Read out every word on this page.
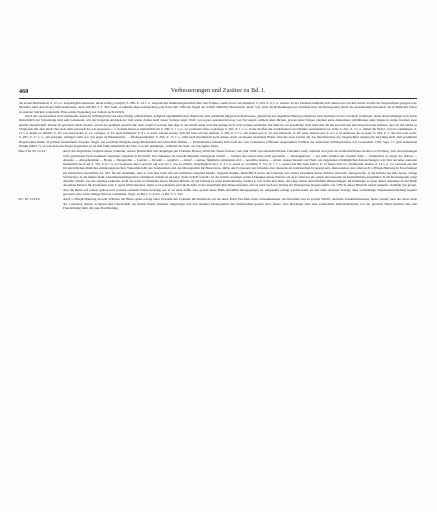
460	Verbesserungen und Zusätze zu Bd. I.

die ersten Buchstaben; Z. 9 v. u.: ursprünglich sanssoms, allein richtig corrigirt; S. 289, Z. 14 v. o.: Angeals mit Abkürzungszeichen über den Schluss, somit etwas verschrieben; S. 294, Z. 6 v. o.: ebenso. In der Urkunde befinden sich unten zwei Löcher, durch welche die Siegelschnur gezogen war. Dieselbe samt dem Siegel fehlt heutzutage, nach dem Bd. I, S. 304, Anm. erwähnten Repertorium hing jedoch im Jahr 1786 ein Siegel der Schrift ähnliches Bruchstück daran. Vgl. auch die Bemerkungen zur Urkunde über die Besiegelung durch die ausstellenden Personen, die in ähnlicher Weise in anderen Stücken vorkommt. Eine solche Siegelung war damals nicht üblich.

Auch der aus derselben Zeit stammende deutsche Stiftungsbrief von einer häufig willkürlichen, lediglich eigenthümlichen, theilweise aber jedenfalls jüngeren Schreibweise, gleichfalls aus ungeübter Hand geschrieben, lässt manches an der Urschrift vermissen. Seine Abweichungen vom Texte hinsichtlich der Schreibung sind sehr bedeutend, wie der folgende Abdruck der drei ersten Zeilen nach dieser Vorlage zeigt: Wolf, von gottes genaden herczog von Norwegen, sebhoft allen fürsten, graven unde fraigen pfaphen unde dienesman, schöltheisen unde bürger in alsme frwahen stete gestrhs choustschaft. Wande do geschorit diech ciodere wie nu der gedingis wirsich sint, man verget ir so haut, nun dige es des durch, unde weis mit gezüge drch swrit warnen termirteis; hie unde da wir gesellicher riebt allen den die hie zuvirrat sint und bezeuch unde bekante, daz wir daz eitzler ut Wingarten mit aller eindt cher laste unde gut nach der wir gegeuerer c. v. Sodann heisst es namentlich bei S. 290, Z. 1 v. u.: zu vremeden leiste vogtsaige; S. 291, Z. 1 v. o.: in der Stoffen die wiederholten zwei Punkte (sobenenden vor ablet; S. 291, Z. 5 v. u. fehlen die Worte: von der sammungo; Z. 15 v. u. heisst es: lütsellt; Z. 20: von ansersseler; Z. 21: veringer; Z. 22: unde mittingen; Z. 9 v. u. nach: schade weisse: Sölt der Sein: ein big sthaben; S. 293, Z. 4 v. o. ein ezteira gut; Z. 16: das bilreseite; Z. 20: unde anderes gut; Z. 4 v. u. ni deunoten dos ze gane; S. 294, Z. 1: daz den weis werit: S. 295, Z. 11 v. o.: ein zubeagn. Allingen steht vor: das eigen zü Bienlanwiler — Hadersputinchen: S. 294, Z. 15 v. o. steht nach Reutholzeh noch Amen. Auch an diesem deutschen Briefe sind die zwei Löcher für das Durchstecken der Siegelschnur angebracht und hing nach dem erwähnten Repertorium früher an grünen Seidenfäden dasselbe Siegel, bei welchem übrigens einige Buchstaben der Umschrift fehlten. — Ebendaselbst befindet sich noch ein vom Constanzer Officialat ausgestelltes Vidimus der deutschen Stiftungsbriefes d.d. Constantiis 1318, Sept. 17. (mit demselben Datum (März 7), an welchem das Siegel abgetrennt ist. In ihm fehlt namentlich der Satz: von der sammungo, während der Sein: wir big sigiste Siegl.

Seite 310, Nr. CCLI.	Auch das ungebliche Original dieser Urkunde, dessen Handschrift mit derjenigen der Urkunde Herzog Wolfs für dieses Kloster vom Jahr 1090 verwandtschaftlichen Charakter zeigt, befindet sich jetzt im erzbischöflichen Archive zu Freiburg. Von Abweichungen vom gedruckten Texte kommen besonders folgende in Betracht: Von Vohannes im benedictinischen verfügende Schrift — Schluss der ersten Zeile nach speciends — Wiesengartens — per rubis Schluss der zweiten Zeile — montperiss et, desgl. der dritten — Aberpfo — Altorphenzhun — Borga — Bergareille — Lanzen — Oswald — sepuliert — Altorf — unique füdelium conditorum citd — notobiliu alienee — Amen. Ausser diesem von Theil, wie angedeutet, hinlänglichen Abweichungen vom Text bei unter anderem namentlich noch auf S. 310, Z. 6 v. u. bei nachweis eine Correctur auf wre das 1, wie es scheint, ursprünglich ein z; Z. 2 v. u. lautet es: sortilleis; S. 311, Z. 7 v. o. steht noch hier kein subter; Z. 12 findet sich vor conditional, ebenso Z. 14 v. o. vor contusta ein den für uns üblichen ähnliches Abkürzungszeichen. Weiterhin fehlt das Sendzeichen und das Monogramm für Benevalete, dürfte das Fortpasseit der Urkunde aber deutsche als italienischen Ursprung sein. Insbesondere aber sind nach v. Pflugk-Harttung in Forschungen zur Deutschen Geschichte 24, 447, für die Annahme, dass es sich hier nicht um ein wirkliches Original handle, folgende Punkte, hinsichtlich deren die Urkunde von echten Urkunden dieses Pabstes abweicht, massgebend: 1) die Initiale bei eine breite, eckige Verzierung; 2) die immer mehr zusammenzudrängenden verlängerte Schrift ist zu kurz; 3) die Schrift weicht von der Schrift sonstiger echter Urkunden dieses Pabstes ab; 4) es steht nur ein Amen und dasselbe ist kanzleimässig ausgeführt; 5) die Rotaumgende zeigt dieselbe Schrift, wie die sonstige Urkunde, nicht die sonst in Urkunden dieses Pabstes übliche; 6) die Faltung ist nicht kanzleimässig: einmal je von rechts und links, das lange Stück dann fünfmal umgeschlagen. Im Einklange ist ganz dieses dasjenige an der Bulle desselben Pabstes für Zwiefalten vom 3. April 1099 und sind, allein es ist jedenfalls jetzt nicht mehr in der ursprünglichen Weise befestigt, und es wird noch der Verzug der Weingartner Repertoriums von 1786 in dieser Hinsicht nichts bemerkt, vielmehr nur gesagt, dass die Bulle auf rothen, gelben und weissen seidenen Fäden befestigt sei, er ist eben daffir, dass gerade diese Bulle daraufhin übergegangen ist, umgekehrt erfragt werden kann, sie nur einer späteren Vorlage ohne vollständige Siegelunterscheidung begehrt gewesen wäre, kein völliger Beweis vorhanden. Vergl. zu Bd. I, S. 210 u. ra Bd. 3, S. 525.

327, Nr. CCLIX.	Auch v. Pflugk-Harttung an dem Schlusse der Bulle später erfolgt einer Urkunde mit Urkunde mit Rücksicht auf die unter Pabst Paschalis nicht vorkommenden, im Einzelnen viel zu groben Schrift, deutsche Urkundenmaterial, ferner darauf, dass die letzte Zeile des Contextes, Amen, Scriptum und Unterschrift des Pabsts hinter einander eingetragen und erst darunter Monogramm und Sendzeichen gesetzt sind, ferner, dass überhaupt alles eine sonderliche Individualisirung von der gleichen Hand herrührt und eine Fiuncklärung fehlt, für eine Nachbildung.
